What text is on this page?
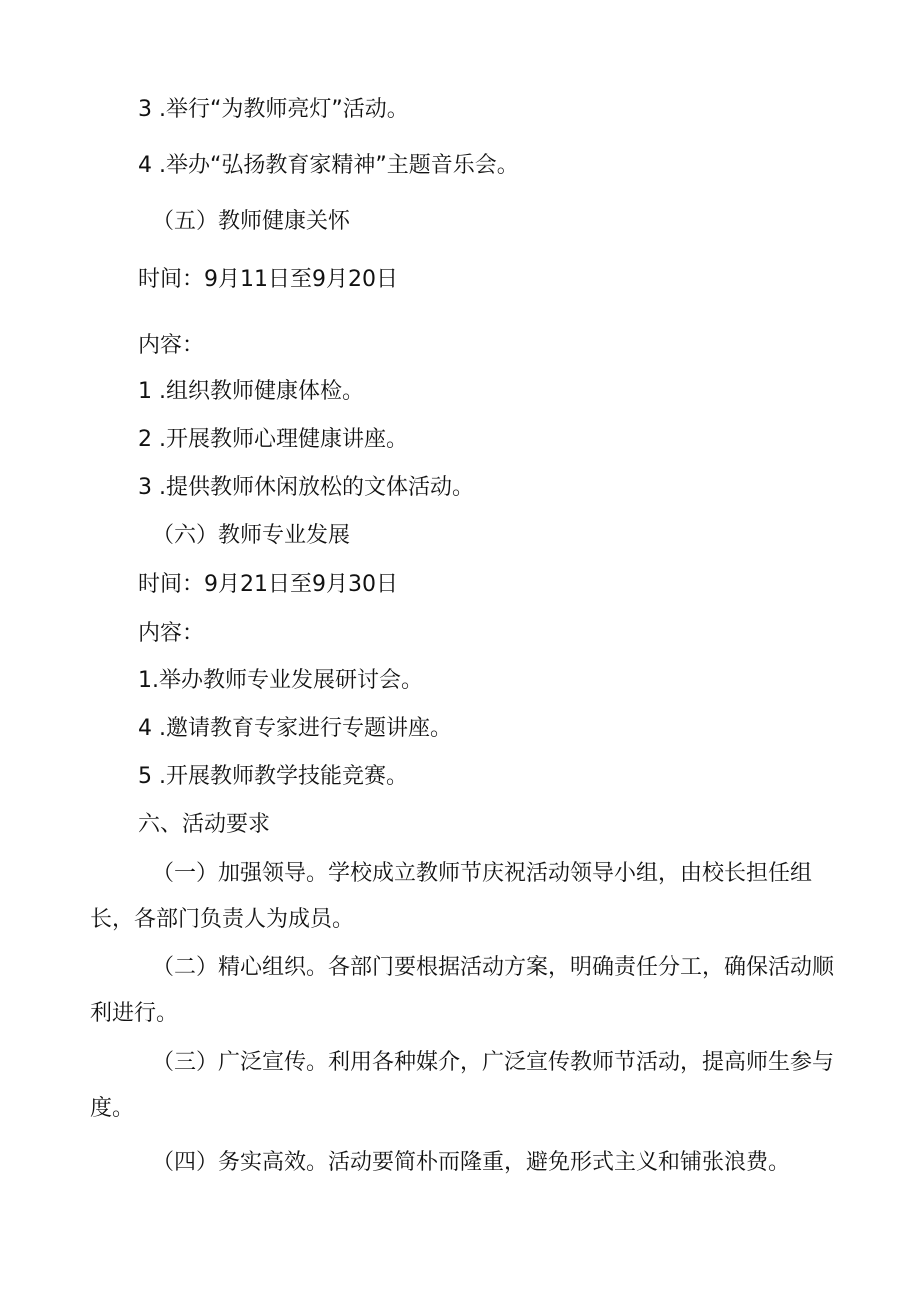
3 .举行“为教师亮灯”活动。
4 .举办“弘扬教育家精神”主题音乐会。
（五）教师健康关怀
时间：9月11日至9月20日
内容：
1 .组织教师健康体检。
2 .开展教师心理健康讲座。
3 .提供教师休闲放松的文体活动。
（六）教师专业发展
时间：9月21日至9月30日
内容：
1.举办教师专业发展研讨会。
4 .邀请教育专家进行专题讲座。
5 .开展教师教学技能竞赛。
六、活动要求
（一）加强领导。学校成立教师节庆祝活动领导小组，由校长担任组长，各部门负责人为成员。
（二）精心组织。各部门要根据活动方案，明确责任分工，确保活动顺利进行。
（三）广泛宣传。利用各种媒介，广泛宣传教师节活动，提高师生参与度。
（四）务实高效。活动要简朴而隆重，避免形式主义和铺张浪费。
